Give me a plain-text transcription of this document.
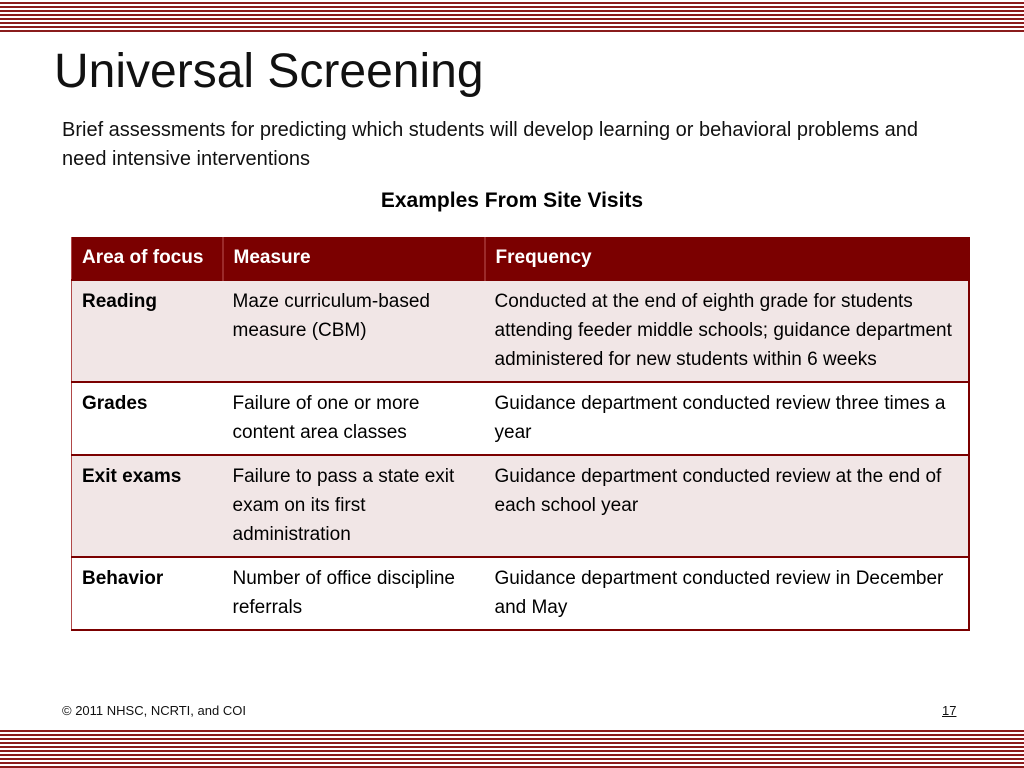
Universal Screening
Brief assessments for predicting which students will develop learning or behavioral problems and need intensive interventions
Examples From Site Visits
Area of focus	Measure	Frequency
Reading	Maze curriculum-based measure (CBM)	Conducted at the end of eighth grade for students attending feeder middle schools; guidance department administered for new students within 6 weeks
Grades	Failure of one or more content area classes	Guidance department conducted review three times a year
Exit exams	Failure to pass a state exit exam on its first administration	Guidance department conducted review at the end of each school year
Behavior	Number of office discipline referrals	Guidance department conducted review in December and May
© 2011 NHSC, NCRTI, and COI	17
